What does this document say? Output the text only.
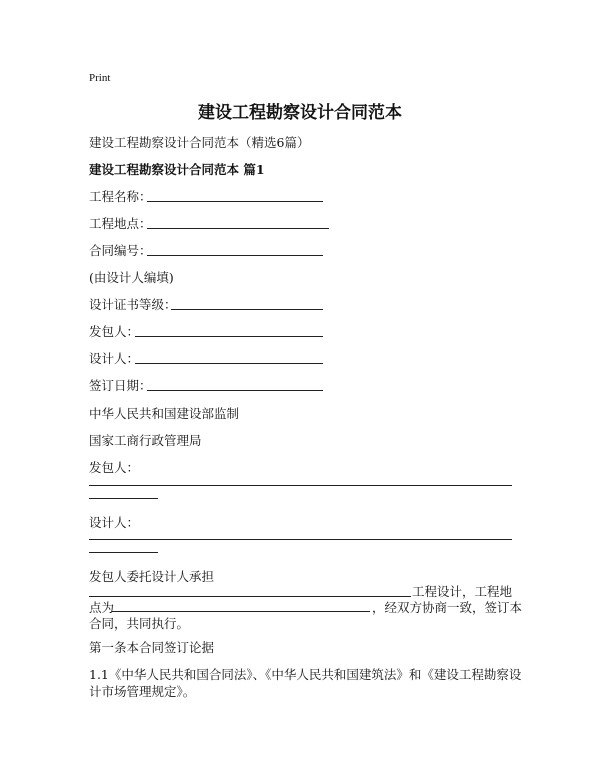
Print
建设工程勘察设计合同范本
建设工程勘察设计合同范本（精选6篇）
建设工程勘察设计合同范本 篇1
工程名称：
工程地点：
合同编号：
(由设计人编填)
设计证书等级：
发包人：
设计人：
签订日期：
中华人民共和国建设部监制
国家工商行政管理局
发包人：
设计人：
发包人委托设计人承担
工程设计，工程地
点为	，经双方协商一致，签订本
合同，共同执行。
第一条本合同签订论据
1.1《中华人民共和国合同法》、《中华人民共和国建筑法》和《建设工程勘察设
计市场管理规定》。
